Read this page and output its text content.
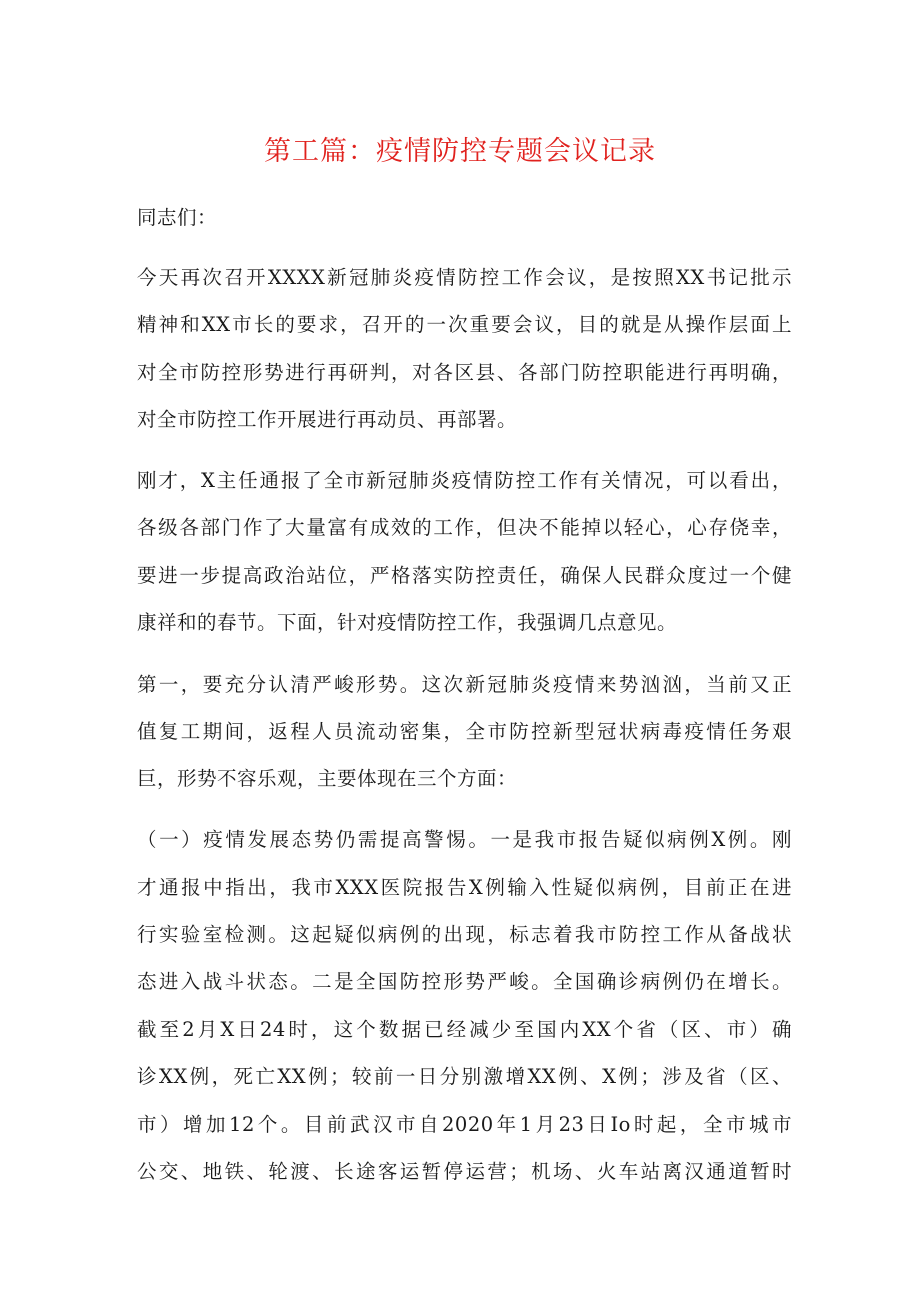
第工篇：疫情防控专题会议记录
同志们：
今天再次召开XXXX新冠肺炎疫情防控工作会议，是按照XX书记批示
精神和XX市长的要求，召开的一次重要会议，目的就是从操作层面上
对全市防控形势进行再研判，对各区县、各部门防控职能进行再明确，
对全市防控工作开展进行再动员、再部署。
刚才，X主任通报了全市新冠肺炎疫情防控工作有关情况，可以看出，
各级各部门作了大量富有成效的工作，但决不能掉以轻心，心存侥幸，
要进一步提高政治站位，严格落实防控责任，确保人民群众度过一个健
康祥和的春节。下面，针对疫情防控工作，我强调几点意见。
第一，要充分认清严峻形势。这次新冠肺炎疫情来势汹汹，当前又正
值复工期间，返程人员流动密集，全市防控新型冠状病毒疫情任务艰
巨，形势不容乐观，主要体现在三个方面：
（一）疫情发展态势仍需提高警惕。一是我市报告疑似病例X例。刚
才通报中指出，我市XXX医院报告X例输入性疑似病例，目前正在进
行实验室检测。这起疑似病例的出现，标志着我市防控工作从备战状
态进入战斗状态。二是全国防控形势严峻。全国确诊病例仍在增长。
截至2月X日24时，这个数据已经减少至国内XX个省（区、市）确
诊XX例，死亡XX例；较前一日分别激增XX例、X例；涉及省（区、
市）增加12个。目前武汉市自2020年1月23日Io时起，全市城市
公交、地铁、轮渡、长途客运暂停运营；机场、火车站离汉通道暂时
